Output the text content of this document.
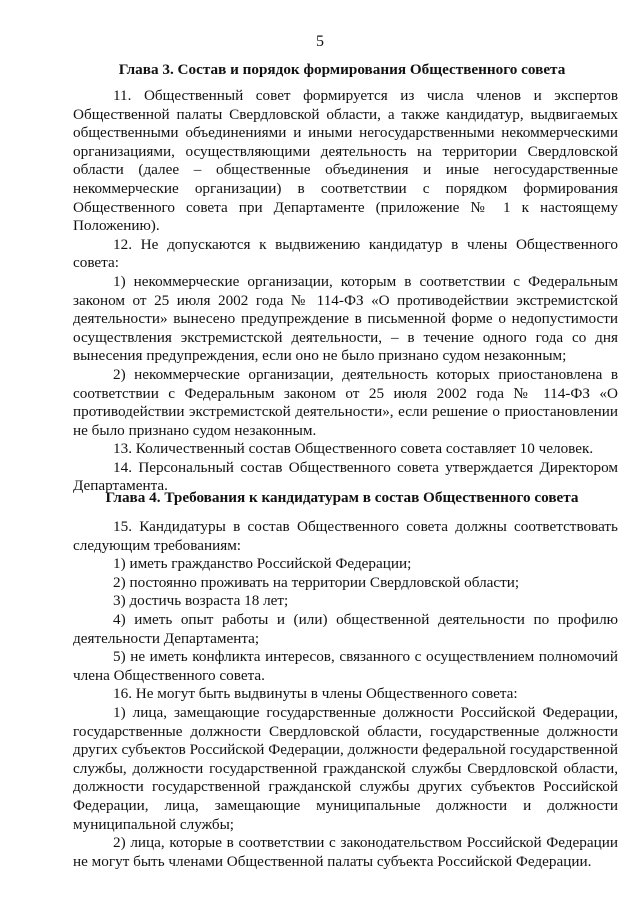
5
Глава 3. Состав и порядок формирования Общественного совета

11. Общественный совет формируется из числа членов и экспертов Общественной палаты Свердловской области, а также кандидатур, выдвигаемых общественными объединениями и иными негосударственными некоммерческими организациями, осуществляющими деятельность на территории Свердловской области (далее – общественные объединения и иные негосударственные некоммерческие организации) в соответствии с порядком формирования Общественного совета при Департаменте (приложение № 1 к настоящему Положению).

12. Не допускаются к выдвижению кандидатур в члены Общественного совета:

1) некоммерческие организации, которым в соответствии с Федеральным законом от 25 июля 2002 года № 114-ФЗ «О противодействии экстремистской деятельности» вынесено предупреждение в письменной форме о недопустимости осуществления экстремистской деятельности, – в течение одного года со дня вынесения предупреждения, если оно не было признано судом незаконным;

2) некоммерческие организации, деятельность которых приостановлена в соответствии с Федеральным законом от 25 июля 2002 года № 114-ФЗ «О противодействии экстремистской деятельности», если решение о приостановлении не было признано судом незаконным.

13. Количественный состав Общественного совета составляет 10 человек.

14. Персональный состав Общественного совета утверждается Директором Департамента.

Глава 4. Требования к кандидатурам в состав Общественного совета

15. Кандидатуры в состав Общественного совета должны соответствовать следующим требованиям:

1) иметь гражданство Российской Федерации;

2) постоянно проживать на территории Свердловской области;

3) достичь возраста 18 лет;

4) иметь опыт работы и (или) общественной деятельности по профилю деятельности Департамента;

5) не иметь конфликта интересов, связанного с осуществлением полномочий члена Общественного совета.

16. Не могут быть выдвинуты в члены Общественного совета:

1) лица, замещающие государственные должности Российской Федерации, государственные должности Свердловской области, государственные должности других субъектов Российской Федерации, должности федеральной государственной службы, должности государственной гражданской службы Свердловской области, должности государственной гражданской службы других субъектов Российской Федерации, лица, замещающие муниципальные должности и должности муниципальной службы;

2) лица, которые в соответствии с законодательством Российской Федерации не могут быть членами Общественной палаты субъекта Российской Федерации.
